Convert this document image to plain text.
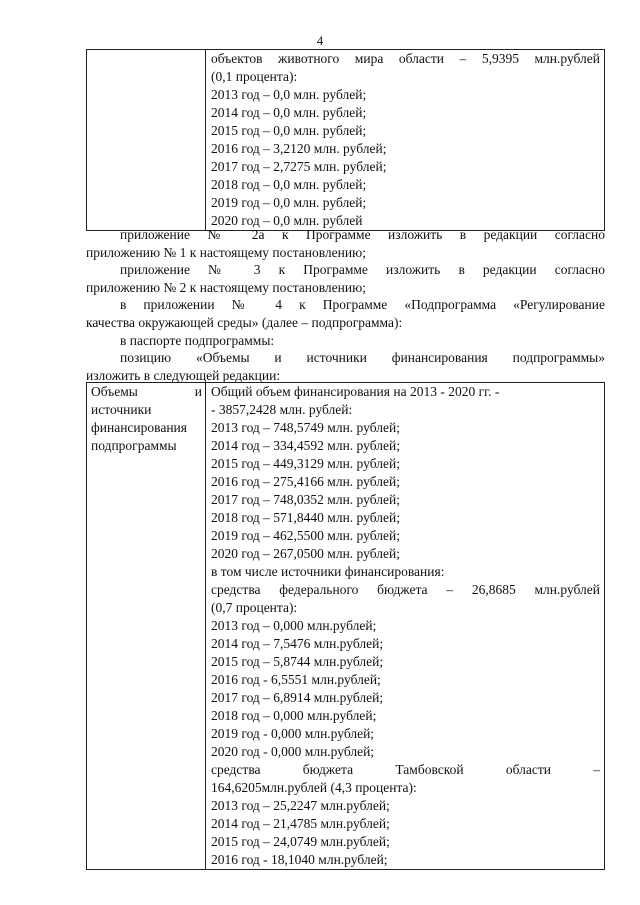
4

объектов животного мира области – 5,9395 млн.рублей
(0,1 процента):
2013 год – 0,0 млн. рублей;
2014 год – 0,0 млн. рублей;
2015 год – 0,0 млн. рублей;
2016 год – 3,2120 млн. рублей;
2017 год – 2,7275 млн. рублей;
2018 год – 0,0 млн. рублей;
2019 год – 0,0 млн. рублей;
2020 год – 0,0 млн. рублей
приложение № 2а к Программе изложить в редакции согласно
приложению № 1 к настоящему постановлению;
приложение № 3 к Программе изложить в редакции согласно
приложению № 2 к настоящему постановлению;
в приложении № 4 к Программе «Подпрограмма «Регулирование
качества окружающей среды» (далее – подпрограмма):
в паспорте подпрограммы:
позицию «Объемы и источники финансирования подпрограммы»
изложить в следующей редакции:
Объемы и
источники
финансирования
подпрограммы

Общий объем финансирования на 2013 - 2020 гг. -
- 3857,2428 млн. рублей:
2013 год – 748,5749 млн. рублей;
2014 год – 334,4592 млн. рублей;
2015 год – 449,3129 млн. рублей;
2016 год – 275,4166 млн. рублей;
2017 год – 748,0352 млн. рублей;
2018 год – 571,8440 млн. рублей;
2019 год – 462,5500 млн. рублей;
2020 год – 267,0500 млн. рублей;
в том числе источники финансирования:
средства федерального бюджета – 26,8685 млн.рублей
(0,7 процента):
2013 год – 0,000 млн.рублей;
2014 год – 7,5476 млн.рублей;
2015 год – 5,8744 млн.рублей;
2016 год - 6,5551 млн.рублей;
2017 год – 6,8914 млн.рублей;
2018 год – 0,000 млн.рублей;
2019 год - 0,000 млн.рублей;
2020 год - 0,000 млн.рублей;
средства бюджета Тамбовской области –
164,6205млн.рублей (4,3 процента):
2013 год – 25,2247 млн.рублей;
2014 год – 21,4785 млн.рублей;
2015 год – 24,0749 млн.рублей;
2016 год - 18,1040 млн.рублей;
